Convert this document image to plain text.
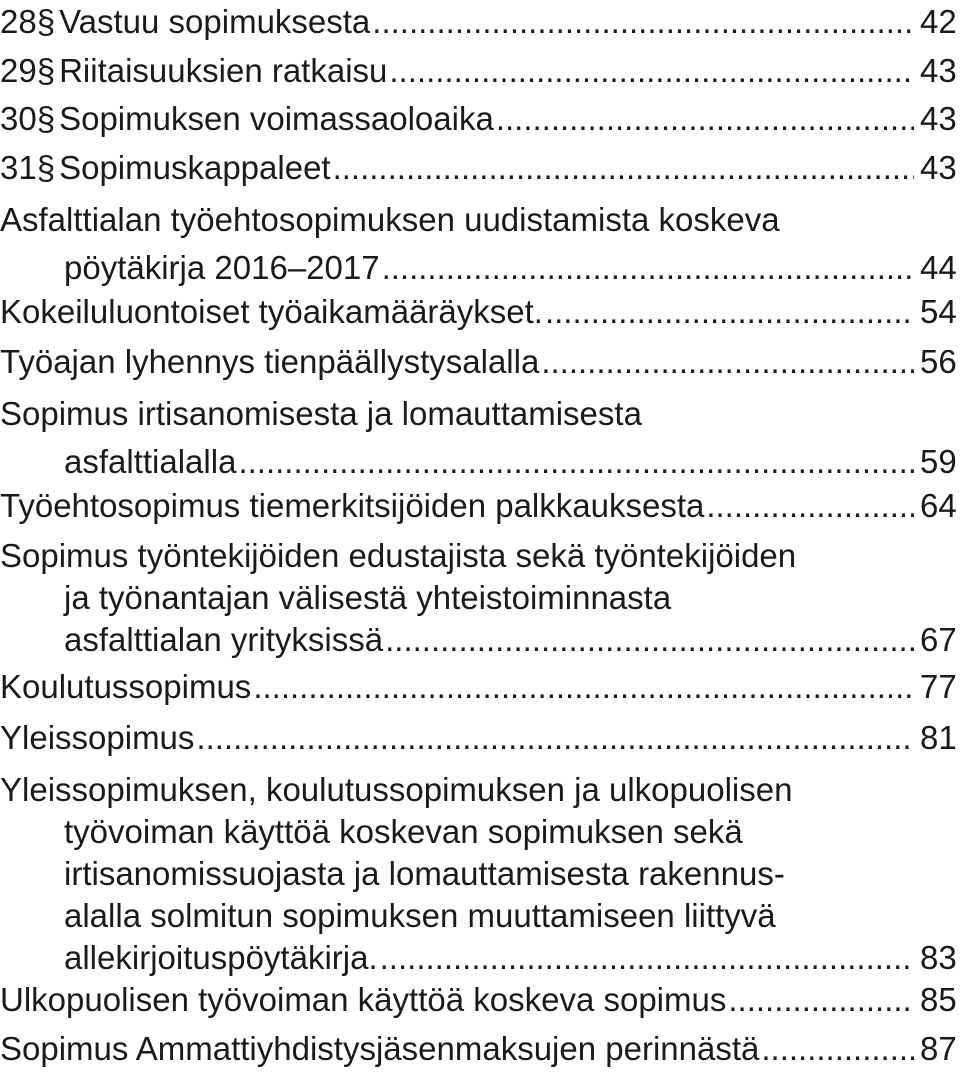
28 § Vastuu sopimuksesta .....	42
29 § Riitaisuuksien ratkaisu .....	43
30 § Sopimuksen voimassaoloaika .....	43
31 § Sopimuskappaleet .....	43
Asfalttialan työehtosopimuksen uudistamista koskeva
pöytäkirja 2016–2017 .....	44
Kokeiluluontoiset työaikamääräykset. .....	54
Työajan lyhennys tienpäällystysalalla .....	56
Sopimus irtisanomisesta ja lomauttamisesta
asfalttialalla .....	59
Työehtosopimus tiemerkitsijöiden palkkauksesta .....	64
Sopimus työntekijöiden edustajista sekä työntekijöiden
ja työnantajan välisestä yhteistoiminnasta
asfalttialan yrityksissä .....	67
Koulutussopimus .....	77
Yleissopimus .....	81
Yleissopimuksen, koulutussopimuksen ja ulkopuolisen
työvoiman käyttöä koskevan sopimuksen sekä
irtisanomissuojasta ja lomauttamisesta rakennus-
alalla solmitun sopimuksen muuttamiseen liittyvä
allekirjoituspöytäkirja. .....	83
Ulkopuolisen työvoiman käyttöä koskeva sopimus .....	85
Sopimus Ammattiyhdistysjäsenmaksujen perinnästä .....	87
